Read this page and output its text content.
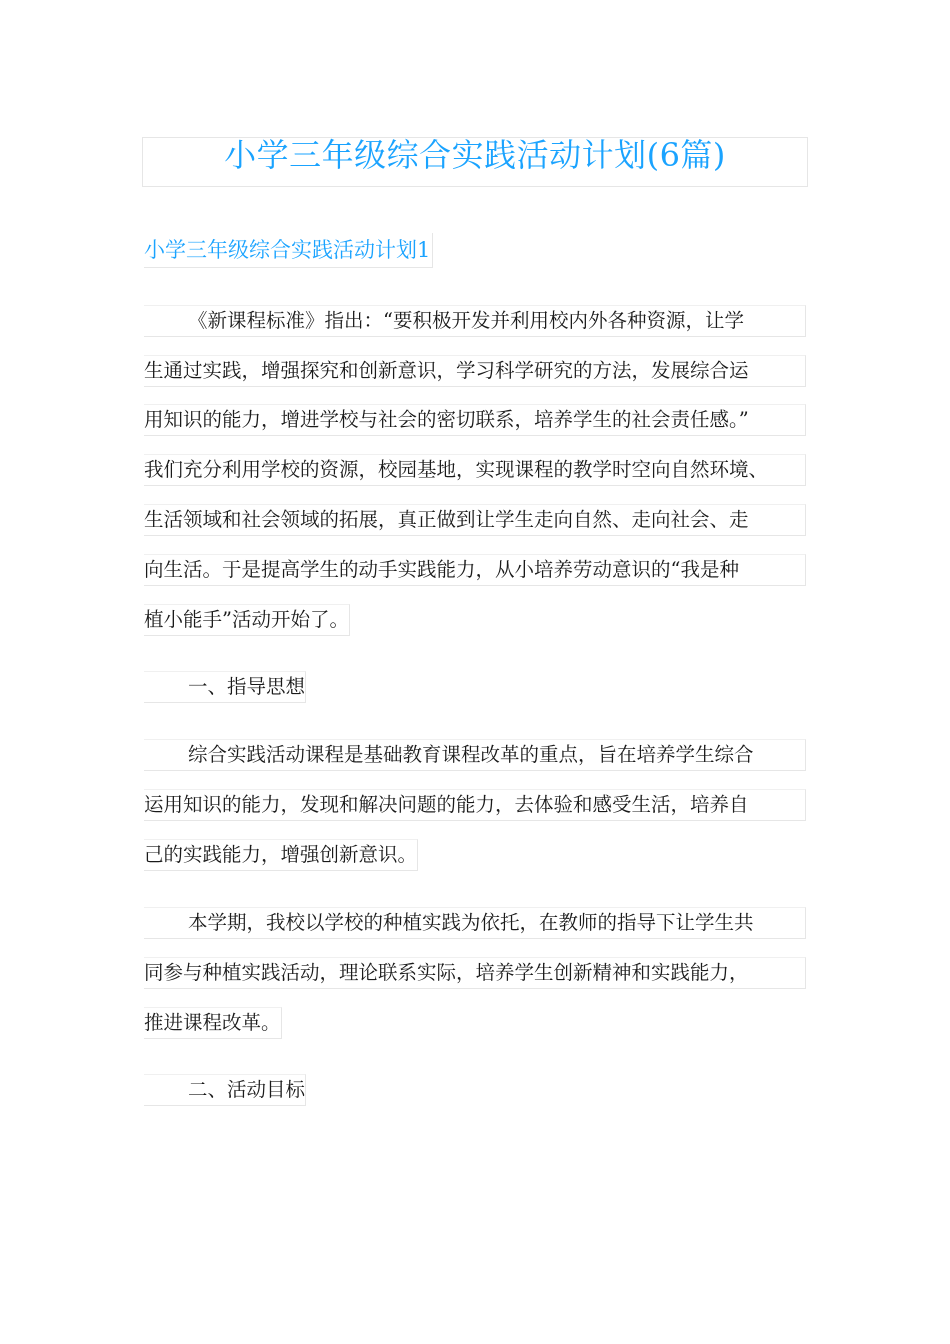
小学三年级综合实践活动计划(6篇)
小学三年级综合实践活动计划1
《新课程标准》指出：“要积极开发并利用校内外各种资源，让学
生通过实践，增强探究和创新意识，学习科学研究的方法，发展综合运
用知识的能力，增进学校与社会的密切联系，培养学生的社会责任感。”
我们充分利用学校的资源，校园基地，实现课程的教学时空向自然环境、
生活领域和社会领域的拓展，真正做到让学生走向自然、走向社会、走
向生活。于是提高学生的动手实践能力，从小培养劳动意识的“我是种
植小能手”活动开始了。
一、指导思想
综合实践活动课程是基础教育课程改革的重点，旨在培养学生综合
运用知识的能力，发现和解决问题的能力，去体验和感受生活，培养自
己的实践能力，增强创新意识。
本学期，我校以学校的种植实践为依托，在教师的指导下让学生共
同参与种植实践活动，理论联系实际，培养学生创新精神和实践能力，
推进课程改革。
二、活动目标
